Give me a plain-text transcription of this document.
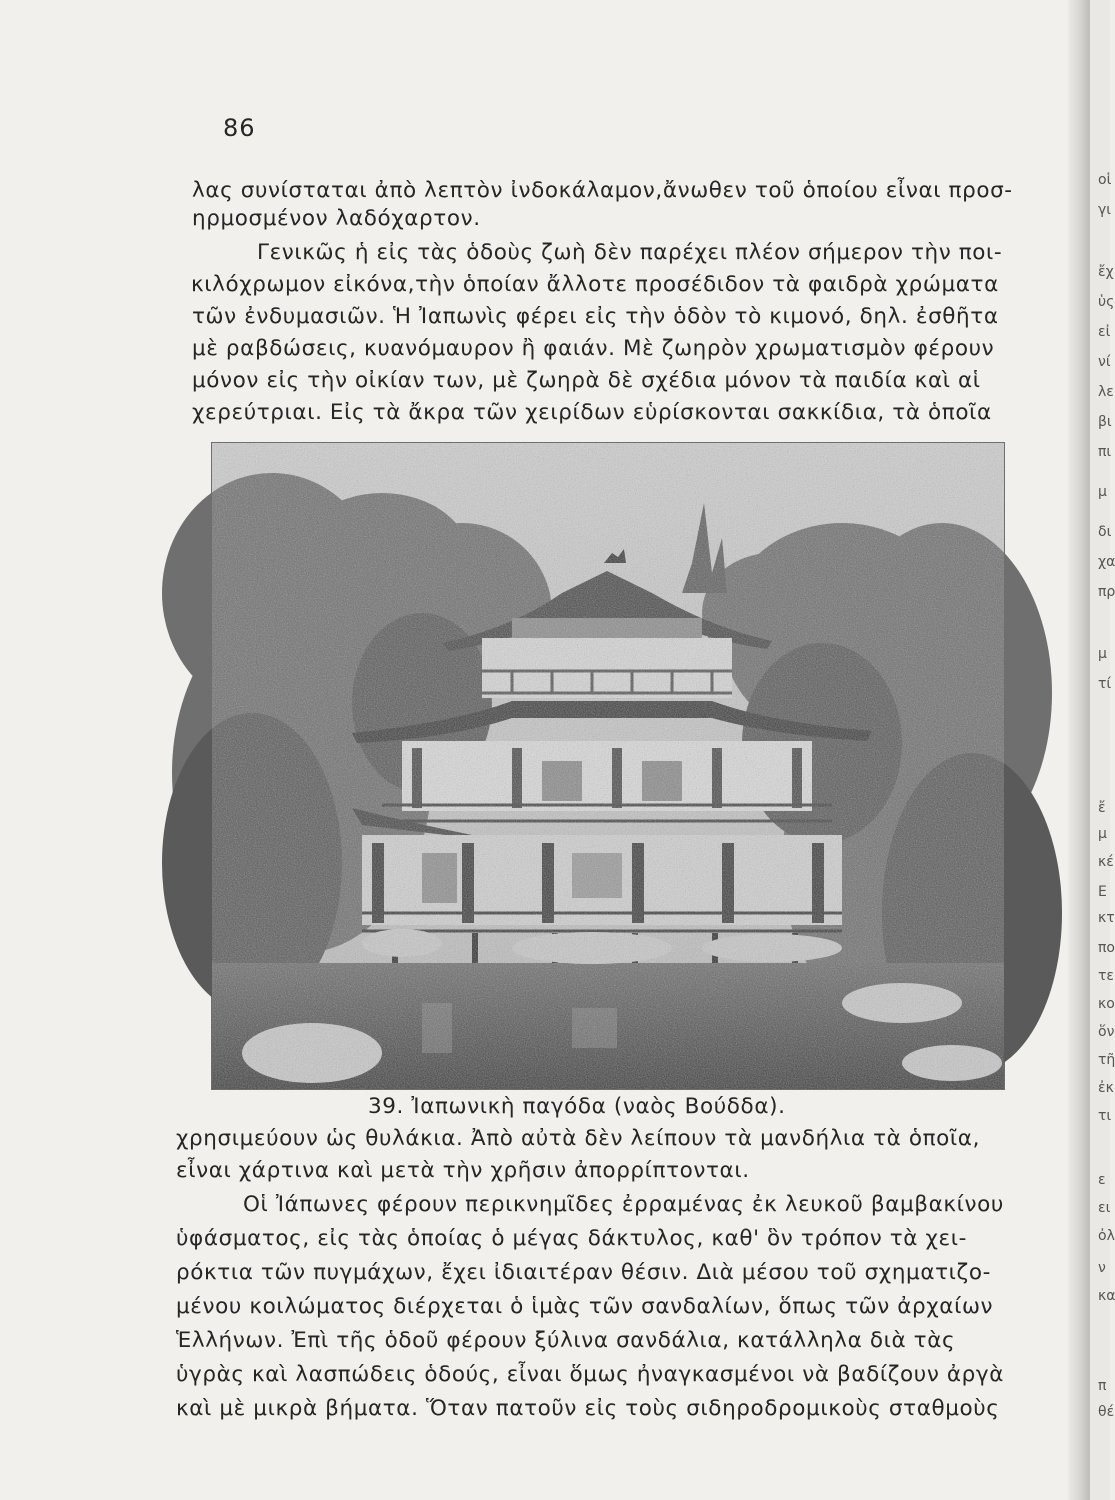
86
λας συνίσταται ἀπὸ λεπτὸν ἰνδοκάλαμον,ἄνωθεν τοῦ ὁποίου εἶναι προσ-
ηρμοσμένον λαδόχαρτον.
Γενικῶς ἡ εἰς τὰς ὁδοὺς ζωὴ δὲν παρέχει πλέον σήμερον τὴν ποι-
κιλόχρωμον εἰκόνα,τὴν ὁποίαν ἄλλοτε προσέδιδον τὰ φαιδρὰ χρώματα
τῶν ἐνδυμασιῶν. Ἡ Ἰαπωνὶς φέρει εἰς τὴν ὁδὸν τὸ κιμονό, δηλ. ἐσθῆτα
μὲ ραβδώσεις, κυανόμαυρον ἢ φαιάν. Μὲ ζωηρὸν χρωματισμὸν φέρουν
μόνον εἰς τὴν οἰκίαν των, μὲ ζωηρὰ δὲ σχέδια μόνον τὰ παιδία καὶ αἱ
χερεύτριαι. Εἰς τὰ ἄκρα τῶν χειρίδων εὑρίσκονται σακκίδια, τὰ ὁποῖα
39. Ἰαπωνικὴ παγόδα (ναὸς Βούδδα).
χρησιμεύουν ὡς θυλάκια. Ἀπὸ αὐτὰ δὲν λείπουν τὰ μανδήλια τὰ ὁποῖα,
εἶναι χάρτινα καὶ μετὰ τὴν χρῆσιν ἀπορρίπτονται.
Οἱ Ἰάπωνες φέρουν περικνημῖδες ἐρραμένας ἐκ λευκοῦ βαμβακίνου
ὑφάσματος, εἰς τὰς ὁποίας ὁ μέγας δάκτυλος, καθ' ὃν τρόπον τὰ χει-
ρόκτια τῶν πυγμάχων, ἔχει ἰδιαιτέραν θέσιν. Διὰ μέσου τοῦ σχηματιζο-
μένου κοιλώματος διέρχεται ὁ ἱμὰς τῶν σανδαλίων, ὅπως τῶν ἀρχαίων
Ἑλλήνων. Ἐπὶ τῆς ὁδοῦ φέρουν ξύλινα σανδάλια, κατάλληλα διὰ τὰς
ὑγρὰς καὶ λασπώδεις ὁδούς, εἶναι ὅμως ἠναγκασμένοι νὰ βαδίζουν ἀργὰ
καὶ μὲ μικρὰ βήματα. Ὅταν πατοῦν εἰς τοὺς σιδηροδρομικοὺς σταθμοὺς
οἱ
γι
ἔχ
ὑς
εἰ
νί
λε
βι
πι
μ
δι
χα
πρ
μ
τί
ἔ
μ
κέ
Ε
κτ
πο
τε
κο
ὅν
τῆ
ἐκ
τι
ε
ει
ὀλ
ν
κα
π
θέ
